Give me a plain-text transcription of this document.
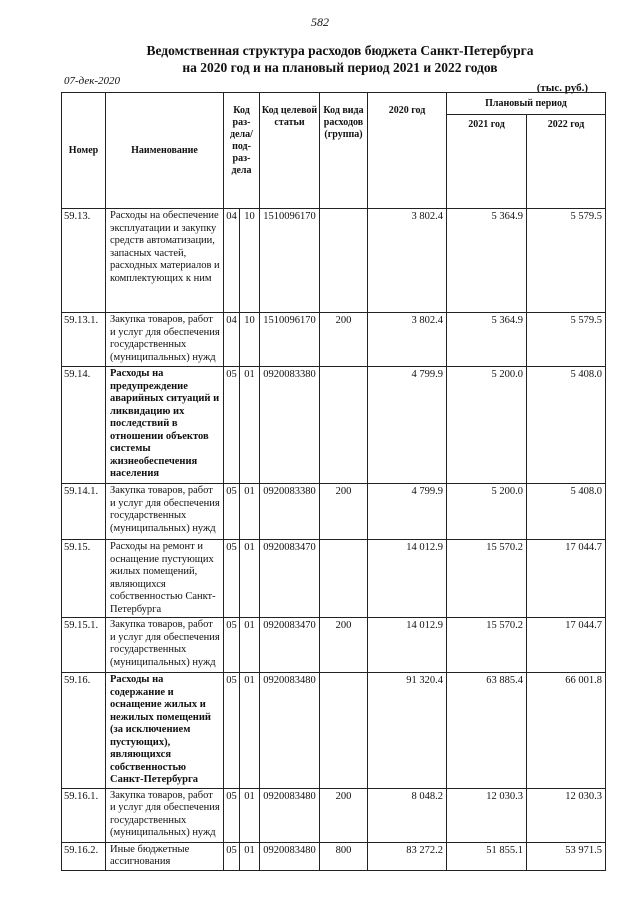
582
Ведомственная структура расходов бюджета Санкт-Петербурга
на 2020 год и на плановый период 2021 и 2022 годов
07-дек-2020
(тыс. руб.)
Номер	Наименование	Код раз-дела/ под-раз-дела		Код целевой статьи	Код вида расходов (группа)	2020 год	Плановый период	
							2021 год	2022 год
59.13.	Расходы на обеспечение эксплуатации и закупку средств автоматизации, запасных частей, расходных материалов и комплектующих к ним	04	10	1510096170		3 802.4	5 364.9	5 579.5
59.13.1.	Закупка товаров, работ и услуг для обеспечения государственных (муниципальных) нужд	04	10	1510096170	200	3 802.4	5 364.9	5 579.5
59.14.	Расходы на предупреждение аварийных ситуаций и ликвидацию их последствий в отношении объектов системы жизнеобеспечения населения	05	01	0920083380		4 799.9	5 200.0	5 408.0
59.14.1.	Закупка товаров, работ и услуг для обеспечения государственных (муниципальных) нужд	05	01	0920083380	200	4 799.9	5 200.0	5 408.0
59.15.	Расходы на ремонт и оснащение пустующих жилых помещений, являющихся собственностью Санкт-Петербурга	05	01	0920083470		14 012.9	15 570.2	17 044.7
59.15.1.	Закупка товаров, работ и услуг для обеспечения государственных (муниципальных) нужд	05	01	0920083470	200	14 012.9	15 570.2	17 044.7
59.16.	Расходы на содержание и оснащение жилых и нежилых помещений (за исключением пустующих), являющихся собственностью Санкт-Петербурга	05	01	0920083480		91 320.4	63 885.4	66 001.8
59.16.1.	Закупка товаров, работ и услуг для обеспечения государственных (муниципальных) нужд	05	01	0920083480	200	8 048.2	12 030.3	12 030.3
59.16.2.	Иные бюджетные ассигнования	05	01	0920083480	800	83 272.2	51 855.1	53 971.5
